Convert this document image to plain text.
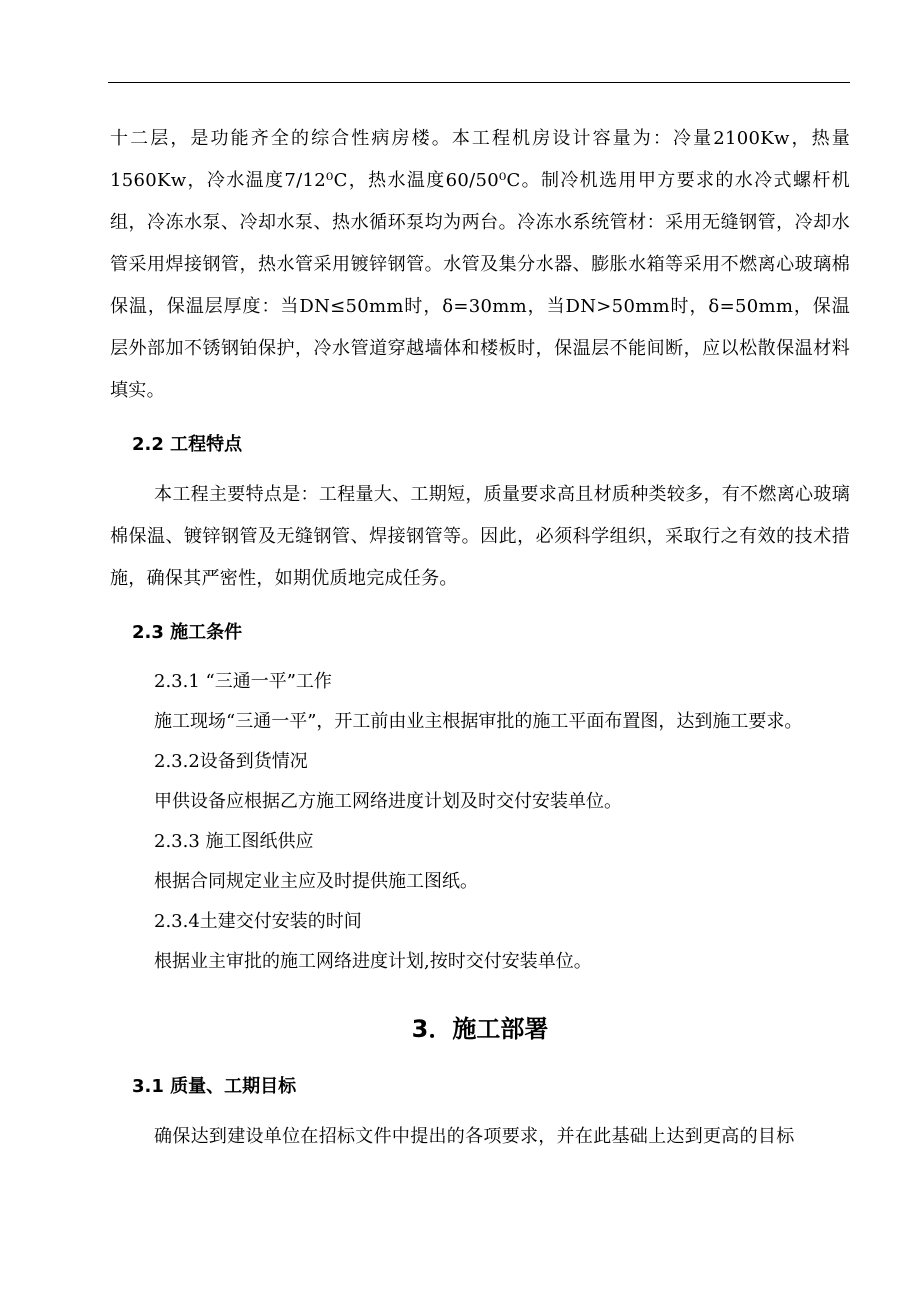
十二层，是功能齐全的综合性病房楼。本工程机房设计容量为：冷量2100Kw，热量1560Kw，冷水温度7/12⁰C，热水温度60/50⁰C。制冷机选用甲方要求的水冷式螺杆机组，冷冻水泵、冷却水泵、热水循环泵均为两台。冷冻水系统管材：采用无缝钢管，冷却水管采用焊接钢管，热水管采用镀锌钢管。水管及集分水器、膨胀水箱等采用不燃离心玻璃棉保温，保温层厚度：当DN≤50mm时，δ=30mm，当DN>50mm时，δ=50mm，保温层外部加不锈钢铂保护，冷水管道穿越墙体和楼板时，保温层不能间断，应以松散保温材料填实。

2.2 工程特点

本工程主要特点是：工程量大、工期短，质量要求高且材质种类较多，有不燃离心玻璃棉保温、镀锌钢管及无缝钢管、焊接钢管等。因此，必须科学组织，采取行之有效的技术措施，确保其严密性，如期优质地完成任务。

2.3 施工条件
2.3.1 “三通一平”工作

施工现场“三通一平”，开工前由业主根据审批的施工平面布置图，达到施工要求。

2.3.2设备到货情况

甲供设备应根据乙方施工网络进度计划及时交付安装单位。

2.3.3 施工图纸供应

根据合同规定业主应及时提供施工图纸。

2.3.4土建交付安装的时间

根据业主审批的施工网络进度计划,按时交付安装单位。

3．施工部署
3.1 质量、工期目标

确保达到建设单位在招标文件中提出的各项要求，并在此基础上达到更高的目标
